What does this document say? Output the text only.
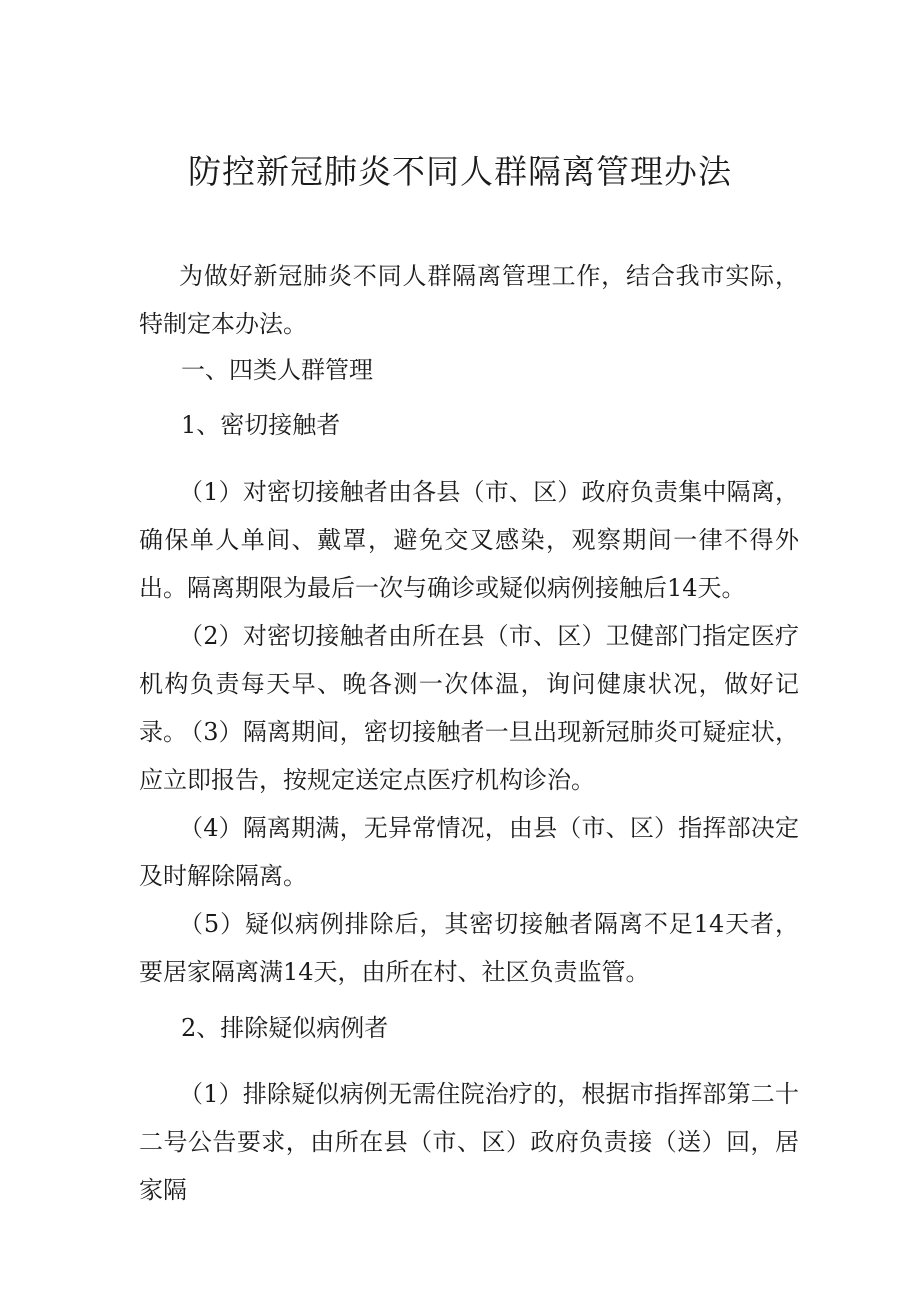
防控新冠肺炎不同人群隔离管理办法

为做好新冠肺炎不同人群隔离管理工作，结合我市实际，特制定本办法。

一、四类人群管理

1、密切接触者

（1）对密切接触者由各县（市、区）政府负责集中隔离，确保单人单间、戴罩，避免交叉感染，观察期间一律不得外出。隔离期限为最后一次与确诊或疑似病例接触后14天。

（2）对密切接触者由所在县（市、区）卫健部门指定医疗机构负责每天早、晚各测一次体温，询问健康状况，做好记录。

（3）隔离期间，密切接触者一旦出现新冠肺炎可疑症状，应立即报告，按规定送定点医疗机构诊治。

（4）隔离期满，无异常情况，由县（市、区）指挥部决定及时解除隔离。

（5）疑似病例排除后，其密切接触者隔离不足14天者，要居家隔离满14天，由所在村、社区负责监管。

2、排除疑似病例者

（1）排除疑似病例无需住院治疗的，根据市指挥部第二十二号公告要求，由所在县（市、区）政府负责接（送）回，居家隔
